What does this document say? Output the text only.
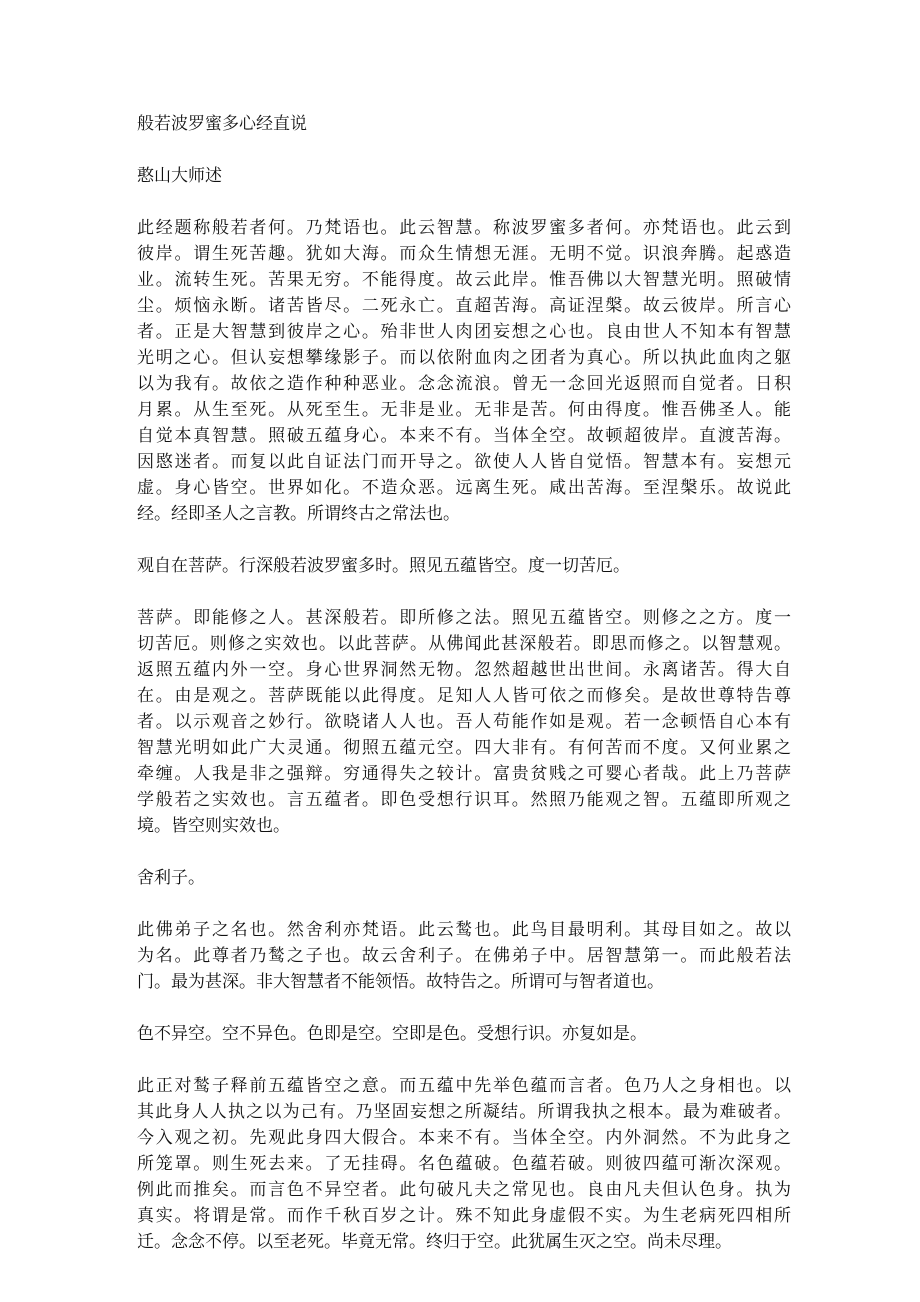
般若波罗蜜多心经直说
憨山大师述
此经题称般若者何。乃梵语也。此云智慧。称波罗蜜多者何。亦梵语也。此云到
彼岸。谓生死苦趣。犹如大海。而众生情想无涯。无明不觉。识浪奔腾。起惑造
业。流转生死。苦果无穷。不能得度。故云此岸。惟吾佛以大智慧光明。照破情
尘。烦恼永断。诸苦皆尽。二死永亡。直超苦海。高证涅槃。故云彼岸。所言心
者。正是大智慧到彼岸之心。殆非世人肉团妄想之心也。良由世人不知本有智慧
光明之心。但认妄想攀缘影子。而以依附血肉之团者为真心。所以执此血肉之躯
以为我有。故依之造作种种恶业。念念流浪。曾无一念回光返照而自觉者。日积
月累。从生至死。从死至生。无非是业。无非是苦。何由得度。惟吾佛圣人。能
自觉本真智慧。照破五蕴身心。本来不有。当体全空。故顿超彼岸。直渡苦海。
因愍迷者。而复以此自证法门而开导之。欲使人人皆自觉悟。智慧本有。妄想元
虚。身心皆空。世界如化。不造众恶。远离生死。咸出苦海。至涅槃乐。故说此
经。经即圣人之言教。所谓终古之常法也。
观自在菩萨。行深般若波罗蜜多时。照见五蕴皆空。度一切苦厄。
菩萨。即能修之人。甚深般若。即所修之法。照见五蕴皆空。则修之之方。度一
切苦厄。则修之实效也。以此菩萨。从佛闻此甚深般若。即思而修之。以智慧观。
返照五蕴内外一空。身心世界洞然无物。忽然超越世出世间。永离诸苦。得大自
在。由是观之。菩萨既能以此得度。足知人人皆可依之而修矣。是故世尊特告尊
者。以示观音之妙行。欲晓诸人人也。吾人苟能作如是观。若一念顿悟自心本有
智慧光明如此广大灵通。彻照五蕴元空。四大非有。有何苦而不度。又何业累之
牵缠。人我是非之强辩。穷通得失之较计。富贵贫贱之可婴心者哉。此上乃菩萨
学般若之实效也。言五蕴者。即色受想行识耳。然照乃能观之智。五蕴即所观之
境。皆空则实效也。
舍利子。
此佛弟子之名也。然舍利亦梵语。此云鹙也。此鸟目最明利。其母目如之。故以
为名。此尊者乃鹙之子也。故云舍利子。在佛弟子中。居智慧第一。而此般若法
门。最为甚深。非大智慧者不能领悟。故特告之。所谓可与智者道也。
色不异空。空不异色。色即是空。空即是色。受想行识。亦复如是。
此正对鹙子释前五蕴皆空之意。而五蕴中先举色蕴而言者。色乃人之身相也。以
其此身人人执之以为己有。乃坚固妄想之所凝结。所谓我执之根本。最为难破者。
今入观之初。先观此身四大假合。本来不有。当体全空。内外洞然。不为此身之
所笼罩。则生死去来。了无挂碍。名色蕴破。色蕴若破。则彼四蕴可渐次深观。
例此而推矣。而言色不异空者。此句破凡夫之常见也。良由凡夫但认色身。执为
真实。将谓是常。而作千秋百岁之计。殊不知此身虚假不实。为生老病死四相所
迁。念念不停。以至老死。毕竟无常。终归于空。此犹属生灭之空。尚未尽理。
